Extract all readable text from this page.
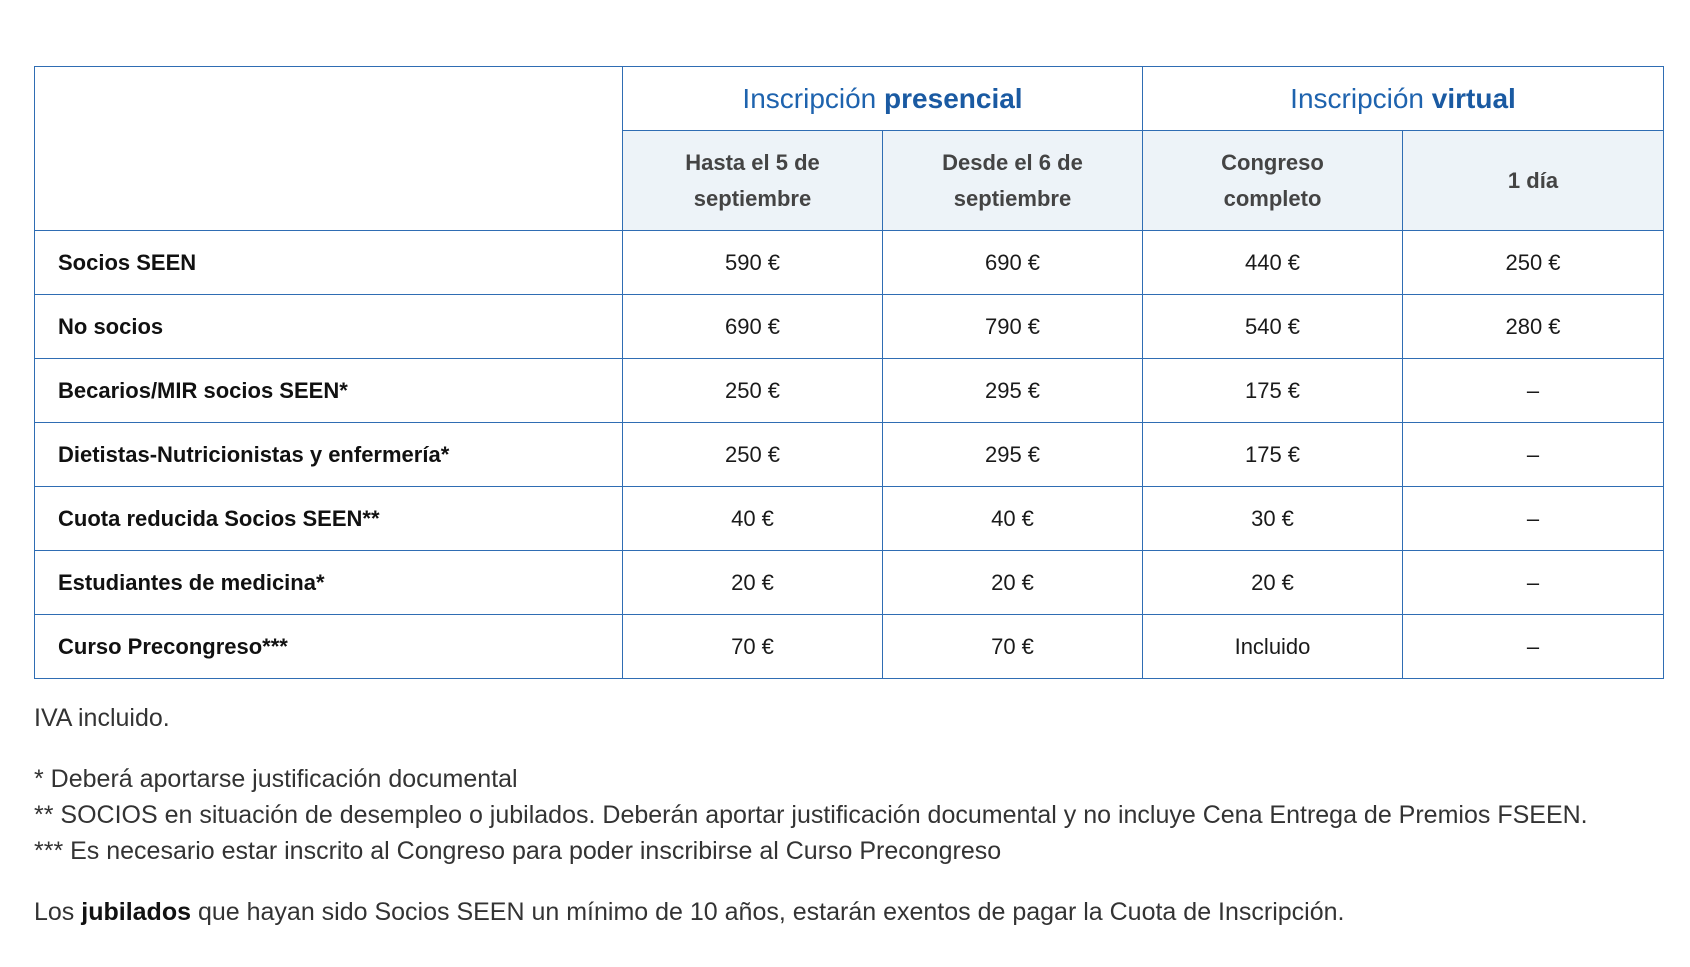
	Inscripción presencial		Inscripción virtual	
	Hasta el 5 de septiembre	Desde el 6 de septiembre	Congreso completo	1 día
Socios SEEN	590 €	690 €	440 €	250 €
No socios	690 €	790 €	540 €	280 €
Becarios/MIR socios SEEN*	250 €	295 €	175 €	–
Dietistas-Nutricionistas y enfermería*	250 €	295 €	175 €	–
Cuota reducida Socios SEEN**	40 €	40 €	30 €	–
Estudiantes de medicina*	20 €	20 €	20 €	–
Curso Precongreso***	70 €	70 €	Incluido	–

IVA incluido.

* Deberá aportarse justificación documental

** SOCIOS en situación de desempleo o jubilados. Deberán aportar justificación documental y no incluye Cena Entrega de Premios FSEEN.

*** Es necesario estar inscrito al Congreso para poder inscribirse al Curso Precongreso

Los jubilados que hayan sido Socios SEEN un mínimo de 10 años, estarán exentos de pagar la Cuota de Inscripción.
